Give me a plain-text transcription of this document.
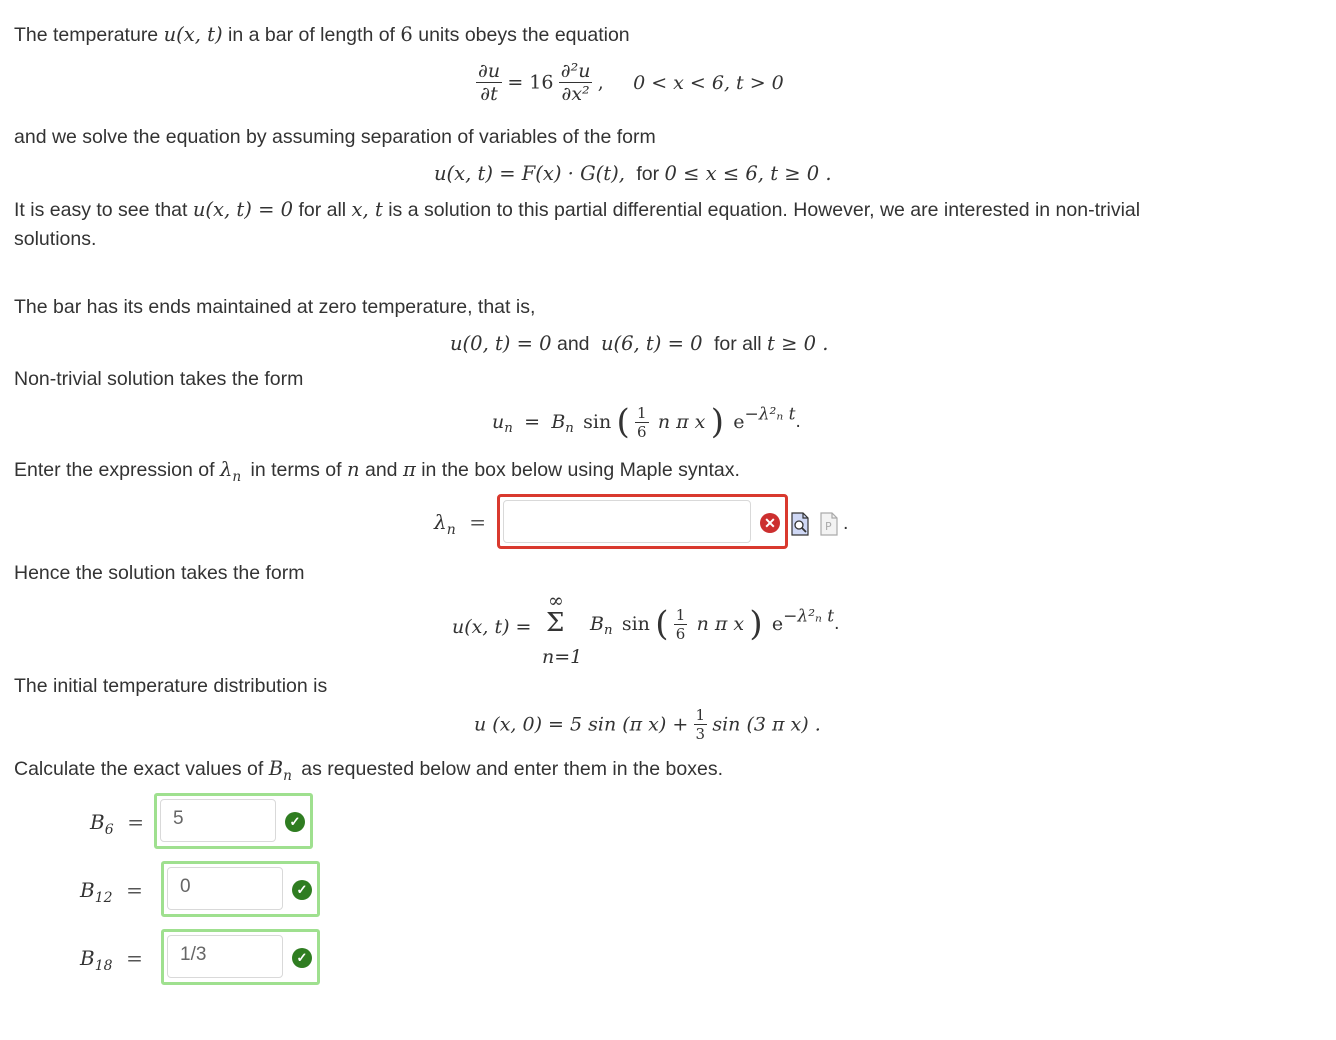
The temperature u(x, t) in a bar of length of 6 units obeys the equation
$\frac{\partial u}{\partial t} = 16 \frac{\text{∂²u}}{\text{∂x²}}$ , 0 < x < 6, t > 0
and we solve the equation by assuming separation of variables of the form
u(x, t) = F(x) · G(t), for 0 ≤ x ≤ 6, t ≥ 0 .
It is easy to see that u(x, t) = 0 for all x, t is a solution to this partial differential equation. However, we are interested in non-trivial
solutions.
The bar has its ends maintained at zero temperature, that is,
u(0, t) = 0 and u(6, t) = 0 for all t ≥ 0 .
Non-trivial solution takes the form
$u_n = B_n$ sin ( $\frac{1}{6}$ n π x ) $e^{-\lambda^2_n t}$.
Enter the expression of $\lambda_n$ in terms of n and π in the box below using Maple syntax.
$\lambda_n$ =	✕	P .
Hence the solution takes the form
u(x, t) =
∞
Σ
n=1
$B_n$ sin ( $\frac{1}{6}$ n π x ) $e^{-\lambda^2_n t}$.
The initial temperature distribution is
u (x, 0) = 5 sin (π $x) + \frac{1}{3}$ sin (3 π x) .
Calculate the exact values of $B_n$ as requested below and enter them in the boxes.
$B_6$ =	5	✓
$B_{12}$ =	0	✓
$B_{18}$ =	1/3	✓
